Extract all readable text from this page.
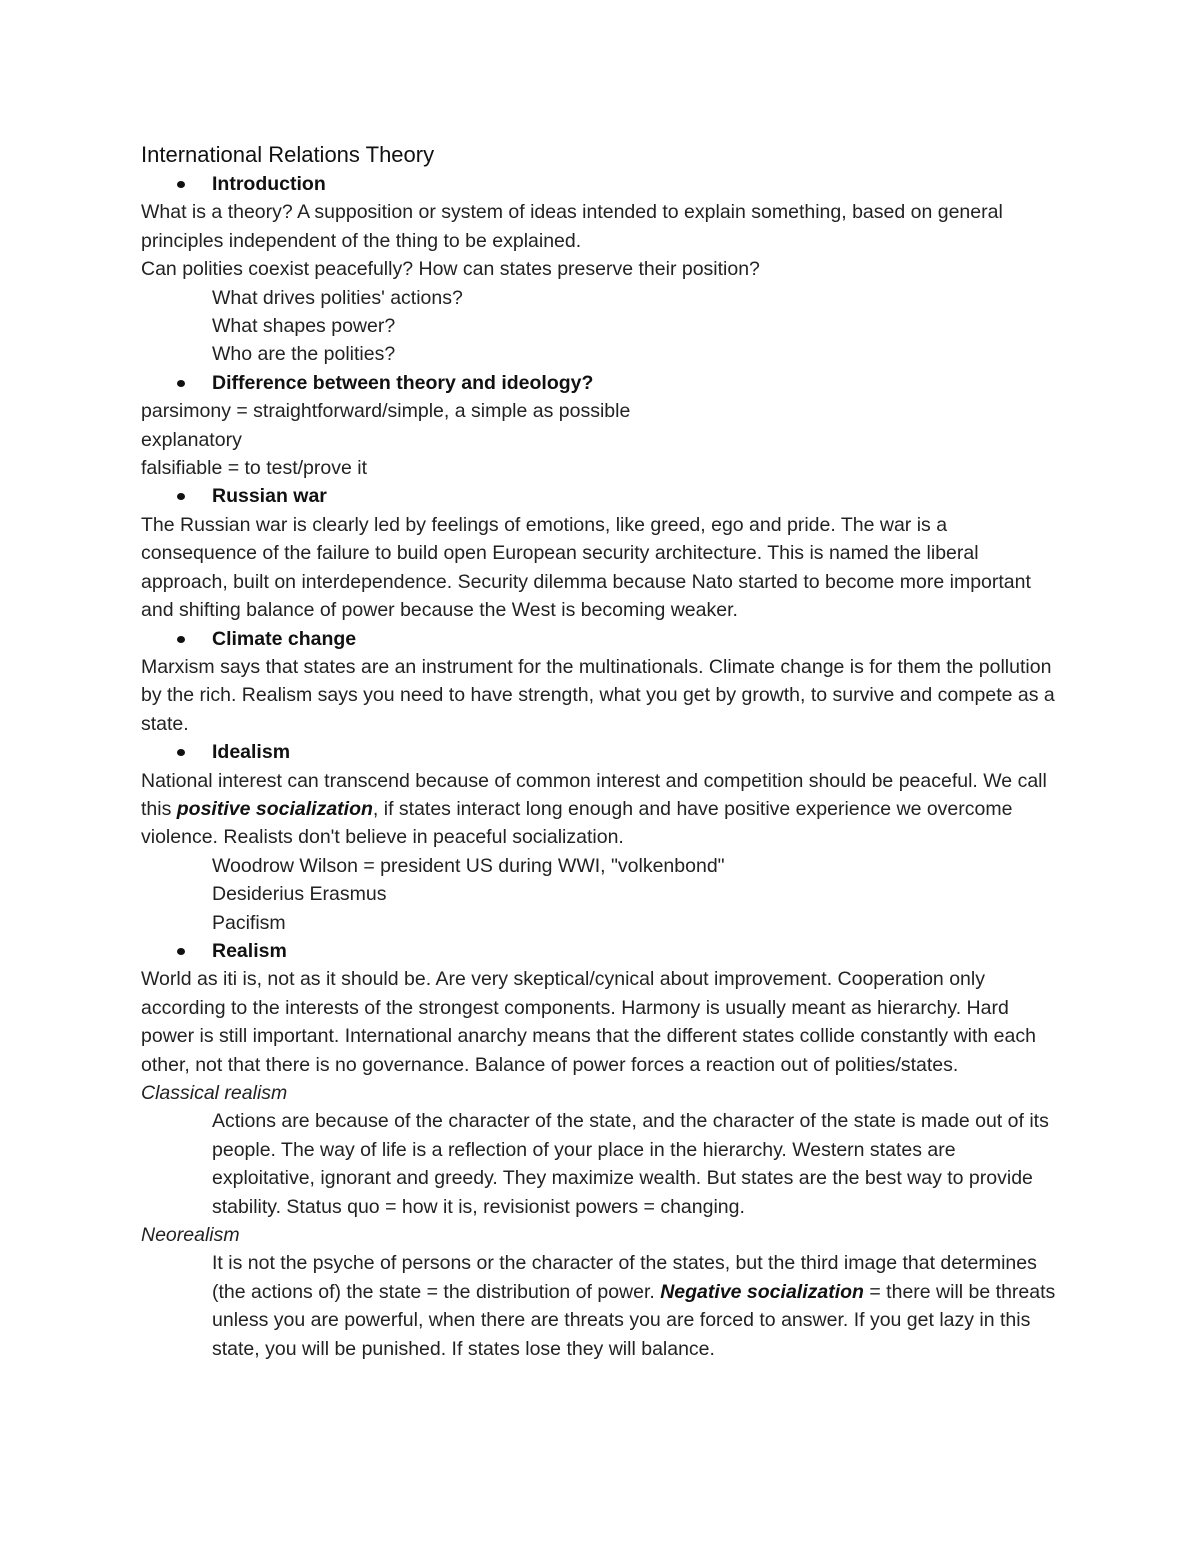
International Relations Theory
Introduction

What is a theory? A supposition or system of ideas intended to explain something, based on general principles independent of the thing to be explained.

Can polities coexist peacefully? How can states preserve their position?

What drives polities' actions?

What shapes power?

Who are the polities?

Difference between theory and ideology?

parsimony = straightforward/simple, a simple as possible

explanatory

falsifiable = to test/prove it

Russian war

The Russian war is clearly led by feelings of emotions, like greed, ego and pride. The war is a consequence of the failure to build open European security architecture. This is named the liberal approach, built on interdependence. Security dilemma because Nato started to become more important and shifting balance of power because the West is becoming weaker.

Climate change

Marxism says that states are an instrument for the multinationals. Climate change is for them the pollution by the rich. Realism says you need to have strength, what you get by growth, to survive and compete as a state.

Idealism

National interest can transcend because of common interest and competition should be peaceful. We call this positive socialization, if states interact long enough and have positive experience we overcome violence. Realists don't believe in peaceful socialization.

Woodrow Wilson = president US during WWI, "volkenbond"

Desiderius Erasmus

Pacifism

Realism

World as iti is, not as it should be. Are very skeptical/cynical about improvement. Cooperation only according to the interests of the strongest components. Harmony is usually meant as hierarchy. Hard power is still important. International anarchy means that the different states collide constantly with each other, not that there is no governance. Balance of power forces a reaction out of polities/states.

Classical realism

Actions are because of the character of the state, and the character of the state is made out of its people. The way of life is a reflection of your place in the hierarchy. Western states are exploitative, ignorant and greedy. They maximize wealth. But states are the best way to provide stability. Status quo = how it is, revisionist powers = changing.

Neorealism

It is not the psyche of persons or the character of the states, but the third image that determines (the actions of) the state = the distribution of power. Negative socialization = there will be threats unless you are powerful, when there are threats you are forced to answer. If you get lazy in this state, you will be punished. If states lose they will balance.
